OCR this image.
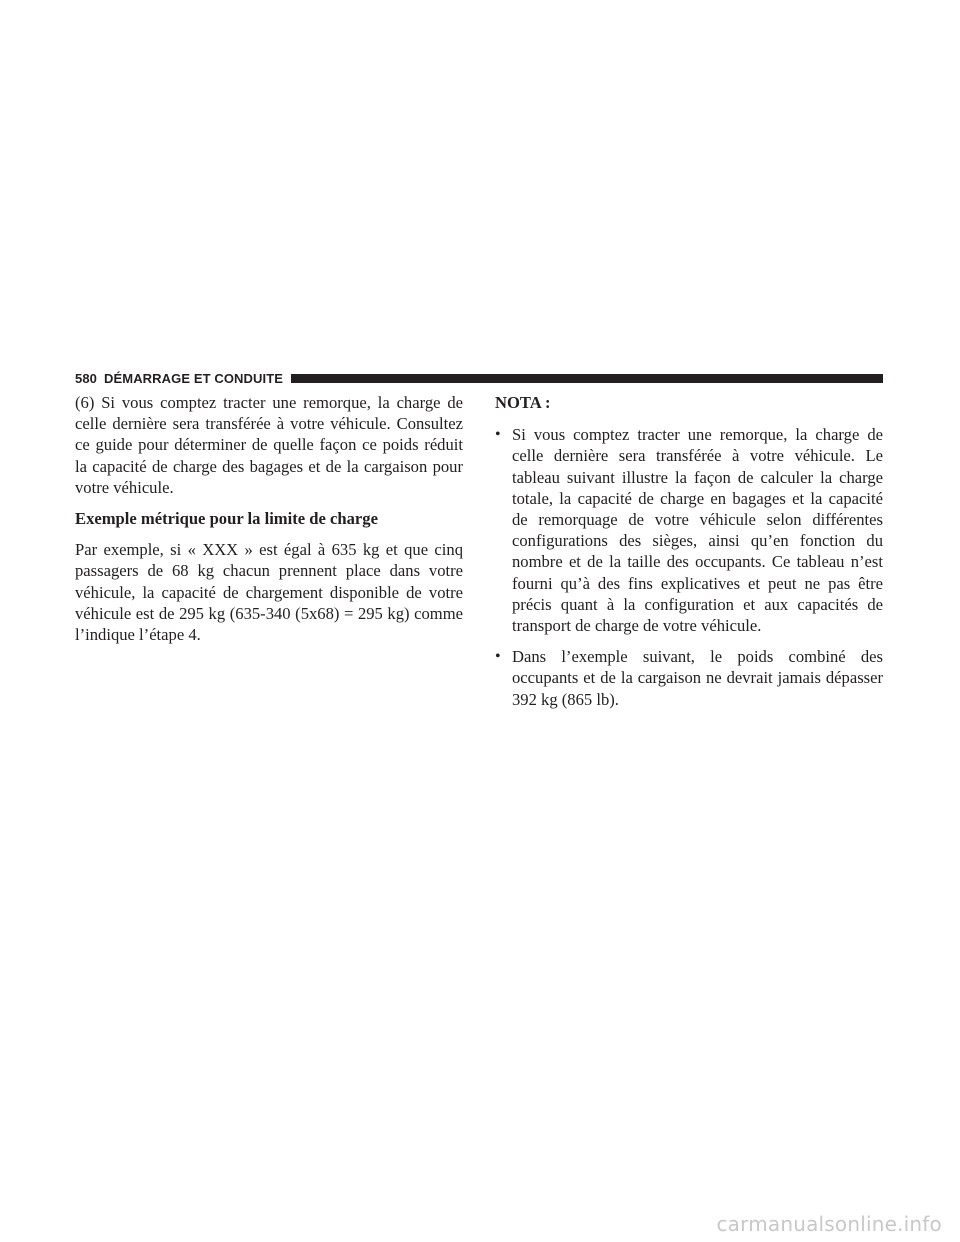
580 DÉMARRAGE ET CONDUITE

(6) Si vous comptez tracter une remorque, la charge de celle dernière sera transférée à votre véhicule. Consultez ce guide pour déterminer de quelle façon ce poids réduit la capacité de charge des bagages et de la cargaison pour votre véhicule.

Exemple métrique pour la limite de charge

Par exemple, si « XXX » est égal à 635 kg et que cinq passagers de 68 kg chacun prennent place dans votre véhicule, la capacité de chargement disponible de votre véhicule est de 295 kg (635-340 (5x68) = 295 kg) comme l’indique l’étape 4.

NOTA :

• Si vous comptez tracter une remorque, la charge de celle dernière sera transférée à votre véhicule. Le tableau suivant illustre la façon de calculer la charge totale, la capacité de charge en bagages et la capacité de remorquage de votre véhicule selon différentes configurations des sièges, ainsi qu’en fonction du nombre et de la taille des occupants. Ce tableau n’est fourni qu’à des fins explicatives et peut ne pas être précis quant à la configuration et aux capacités de transport de charge de votre véhicule.
• Dans l’exemple suivant, le poids combiné des occupants et de la cargaison ne devrait jamais dépasser 392 kg (865 lb).
carmanualsonline.info
